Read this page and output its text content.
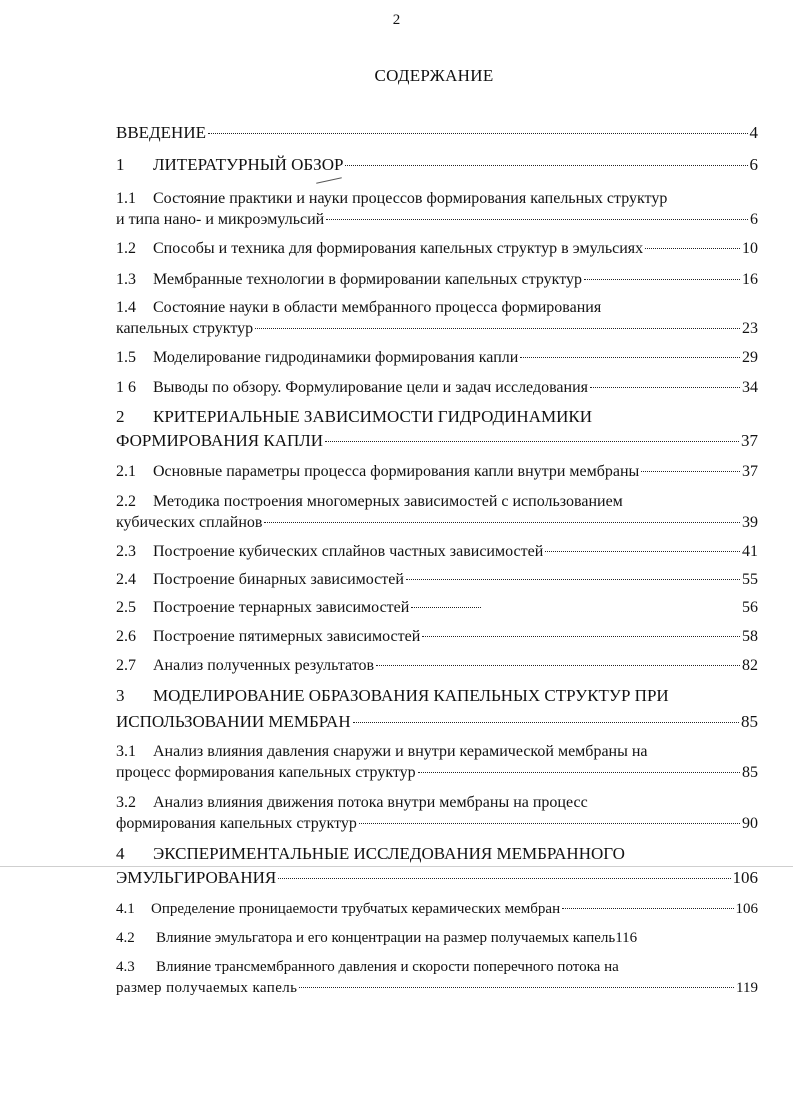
2
СОДЕРЖАНИЕ
ВВЕДЕНИЕ	4
1	ЛИТЕРАТУРНЫЙ ОБЗОР	6
1.1	Состояние практики и науки процессов формирования капельных структур
и типа нано- и микроэмульсий	6
1.2	Способы и техника для формирования капельных структур в эмульсиях	10
1.3	Мембранные технологии в формировании капельных структур	16
1.4	Состояние науки в области мембранного процесса формирования
капельных структур	23
1.5	Моделирование гидродинамики формирования капли	29
1 6	Выводы по обзору. Формулирование цели и задач исследования	34
2	КРИТЕРИАЛЬНЫЕ ЗАВИСИМОСТИ ГИДРОДИНАМИКИ
ФОРМИРОВАНИЯ КАПЛИ	37
2.1	Основные параметры процесса формирования капли внутри мембраны	37
2.2	Методика построения многомерных зависимостей с использованием
кубических сплайнов	39
2.3	Построение кубических сплайнов частных зависимостей	41
2.4	Построение бинарных зависимостей	55
2.5	Построение тернарных зависимостей	56
2.6	Построение пятимерных зависимостей	58
2.7	Анализ полученных результатов	82
3	МОДЕЛИРОВАНИЕ ОБРАЗОВАНИЯ КАПЕЛЬНЫХ СТРУКТУР ПРИ
ИСПОЛЬЗОВАНИИ МЕМБРАН	85
3.1	Анализ влияния давления снаружи и внутри керамической мембраны на
процесс формирования капельных структур	85
3.2	Анализ влияния движения потока внутри мембраны на процесс
формирования капельных структур	90
4	ЭКСПЕРИМЕНТАЛЬНЫЕ ИССЛЕДОВАНИЯ МЕМБРАННОГО
ЭМУЛЬГИРОВАНИЯ	106
4.1	Определение проницаемости трубчатых керамических мембран	106
4.2	Влияние эмульгатора и его концентрации на размер получаемых капель 116
4.3	Влияние трансмембранного давления и скорости поперечного потока на
размер получаемых капель	119
